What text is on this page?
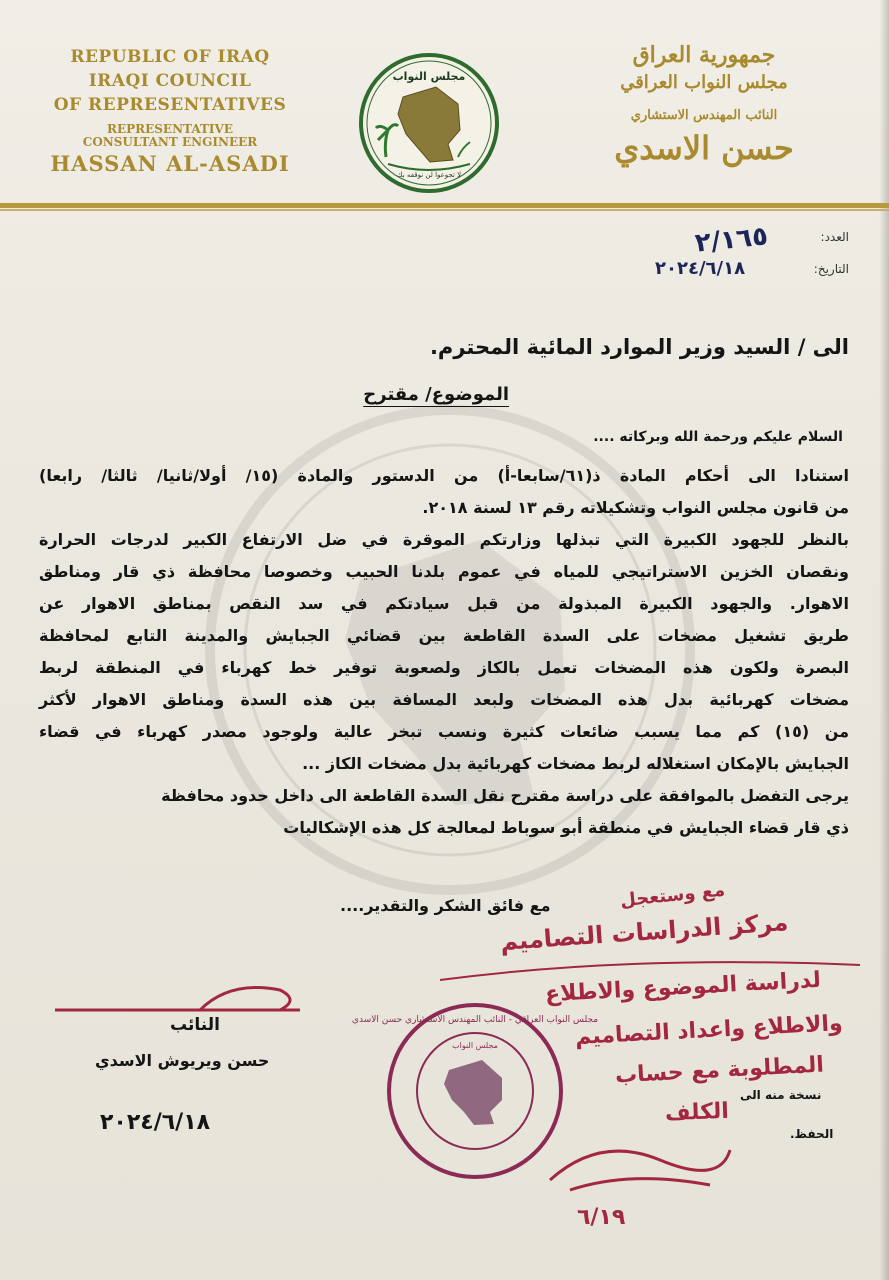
REPUBLIC OF IRAQ
IRAQI COUNCIL
OF REPRESENTATIVES
REPRESENTATIVE
CONSULTANT ENGINEER
HASSAN AL-ASADI
مجلس النواب
لا تجوعوا لن نوقفه بك
جمهورية العراق
مجلس النواب العراقي
النائب المهندس الاستشاري
حسن الاسدي
العدد:
٢/١٦٥
التاريخ:
٢٠٢٤/٦/١٨
الى / السيد وزير الموارد المائية المحترم.
الموضوع/ مقترح
السلام عليكم ورحمة الله وبركاته ....
استنادا الى أحكام المادة ذ(٦١/سابعا-أ) من الدستور والمادة (١٥/ أولا/ثانيا/ ثالثا/ رابعا)
من قانون مجلس النواب وتشكيلاته رقم ١٣ لسنة ٢٠١٨.
بالنظر للجهود الكبيرة التي تبذلها وزارتكم الموقرة في ضل الارتفاع الكبير لدرجات الحرارة
ونقصان الخزين الاستراتيجي للمياه في عموم بلدنا الحبيب وخصوصا محافظة ذي قار ومناطق
الاهوار. والجهود الكبيرة المبذولة من قبل سيادتكم في سد النقص بمناطق الاهوار عن
طريق تشغيل مضخات على السدة القاطعة بين قضائي الجبايش والمدينة التابع لمحافظة
البصرة ولكون هذه المضخات تعمل بالكاز ولصعوبة توفير خط كهرباء في المنطقة لربط
مضخات كهربائية بدل هذه المضخات ولبعد المسافة بين هذه السدة ومناطق الاهوار لأكثر
من (١٥) كم مما يسبب ضائعات كثيرة ونسب تبخر عالية ولوجود مصدر كهرباء في قضاء
الجبايش بالإمكان استغلاله لربط مضخات كهربائية بدل مضخات الكاز ...
يرجى التفضل بالموافقة على دراسة مقترح نقل السدة القاطعة الى داخل حدود محافظة
ذي قار قضاء الجبايش في منطقة أبو سوباط لمعالجة كل هذه الإشكاليات
مع فائق الشكر والتقدير....	مع وستعجل
مركز الدراسات التصاميم
لدراسة الموضوع والاطلاع
والاطلاع واعداد التصاميم
المطلوبة مع حساب
الكلف
٦/١٩
النائب
حسن ويريوش الاسدي
٢٠٢٤/٦/١٨
مجلس النواب العراقي - النائب المهندس الاستشاري حسن الاسدي
مجلس النواب
نسخة منه الى
الحفظ.
